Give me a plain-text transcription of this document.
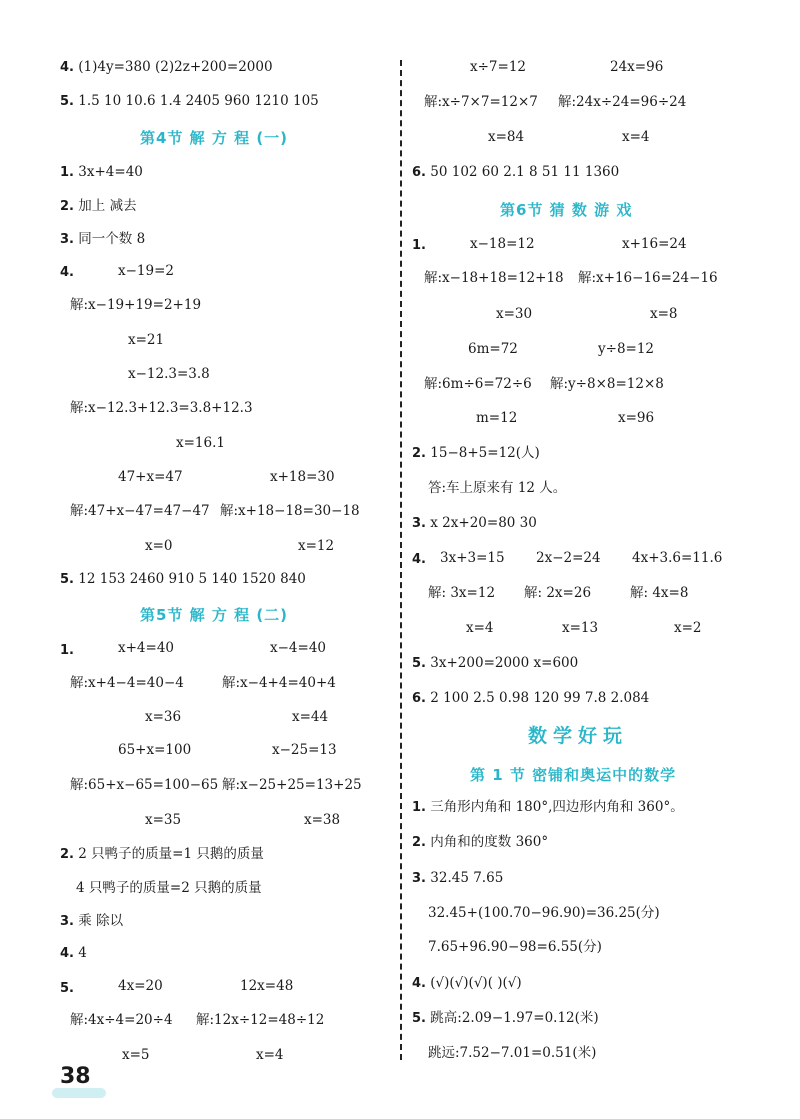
4. (1)4y=380 (2)2z+200=2000
5. 1.5 10 10.6 1.4 2405 960 1210 105
第4节 解 方 程 (一)
1. 3x+4=40
2. 加上 减去
3. 同一个数 8
4.	x−19=2
解:x−19+19=2+19
x=21
x−12.3=3.8
解:x−12.3+12.3=3.8+12.3
x=16.1
47+x=47
解:47+x−47=47−47
x=0
x+18=30
解:x+18−18=30−18
x=12
5. 12 153 2460 910 5 140 1520 840
第5节 解 方 程 (二)
1.	x+4=40
解:x+4−4=40−4
x=36
x−4=40
解:x−4+4=40+4
x=44
65+x=100
解:65+x−65=100−65
x=35
x−25=13
解:x−25+25=13+25
x=38
2. 2 只鸭子的质量=1 只鹅的质量
4 只鸭子的质量=2 只鹅的质量
3. 乘 除以
4. 4
5.	4x=20
解:4x÷4=20÷4
x=5
12x=48
解:12x÷12=48÷12
x=4
x÷7=12
解:x÷7×7=12×7
x=84
24x=96
解:24x÷24=96÷24
x=4
6. 50 102 60 2.1 8 51 11 1360
第6节 猜 数 游 戏
1.	x−18=12
解:x−18+18=12+18
x=30
x+16=24
解:x+16−16=24−16
x=8
6m=72
解:6m÷6=72÷6
m=12
y÷8=12
解:y÷8×8=12×8
x=96
2. 15−8+5=12(人)
答:车上原来有 12 人。
3. x 2x+20=80 30
4. 3x+3=15
解: 3x=12
x=4
2x−2=24
解: 2x=26
x=13
4x+3.6=11.6
解: 4x=8
x=2
5. 3x+200=2000 x=600
6. 2 100 2.5 0.98 120 99 7.8 2.084
数学好玩
第 1 节 密铺和奥运中的数学
1. 三角形内角和 180°,四边形内角和 360°。
2. 内角和的度数 360°
3. 32.45 7.65
32.45+(100.70−96.90)=36.25(分)
7.65+96.90−98=6.55(分)
4. (√)(√)(√)( )(√)
5. 跳高:2.09−1.97=0.12(米)
跳远:7.52−7.01=0.51(米)
38
